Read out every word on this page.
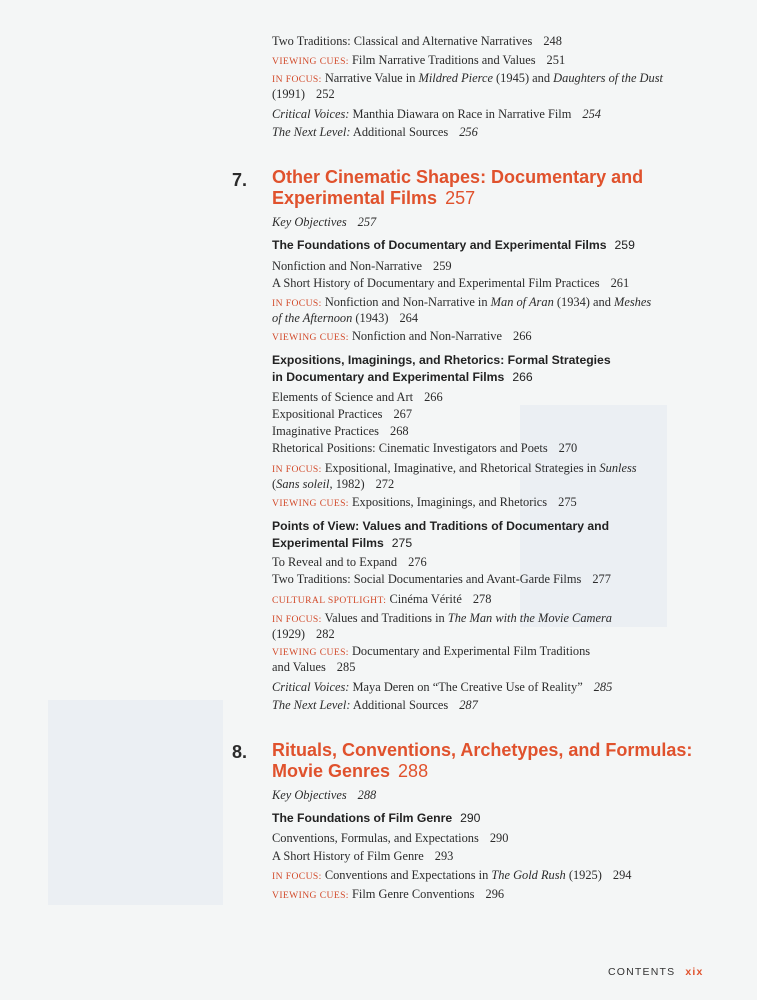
Two Traditions: Classical and Alternative Narratives 248
VIEWING CUES: Film Narrative Traditions and Values 251
IN FOCUS: Narrative Value in Mildred Pierce (1945) and Daughters of the Dust
(1991) 252
Critical Voices: Manthia Diawara on Race in Narrative Film 254
The Next Level: Additional Sources 256
7. Other Cinematic Shapes: Documentary and
Experimental Films 257
Key Objectives 257
The Foundations of Documentary and Experimental Films 259
Nonfiction and Non-Narrative 259
A Short History of Documentary and Experimental Film Practices 261
IN FOCUS: Nonfiction and Non-Narrative in Man of Aran (1934) and Meshes
of the Afternoon (1943) 264
VIEWING CUES: Nonfiction and Non-Narrative 266
Expositions, Imaginings, and Rhetorics: Formal Strategies
in Documentary and Experimental Films 266
Elements of Science and Art 266
Expositional Practices 267
Imaginative Practices 268
Rhetorical Positions: Cinematic Investigators and Poets 270
IN FOCUS: Expositional, Imaginative, and Rhetorical Strategies in Sunless
(Sans soleil, 1982) 272
VIEWING CUES: Expositions, Imaginings, and Rhetorics 275
Points of View: Values and Traditions of Documentary and
Experimental Films 275
To Reveal and to Expand 276
Two Traditions: Social Documentaries and Avant-Garde Films 277
CULTURAL SPOTLIGHT: Cinéma Vérité 278
IN FOCUS: Values and Traditions in The Man with the Movie Camera
(1929) 282
VIEWING CUES: Documentary and Experimental Film Traditions
and Values 285
Critical Voices: Maya Deren on “The Creative Use of Reality” 285
The Next Level: Additional Sources 287
8. Rituals, Conventions, Archetypes, and Formulas:
Movie Genres 288
Key Objectives 288
The Foundations of Film Genre 290
Conventions, Formulas, and Expectations 290
A Short History of Film Genre 293
IN FOCUS: Conventions and Expectations in The Gold Rush (1925) 294
VIEWING CUES: Film Genre Conventions 296
CONTENTS xix
